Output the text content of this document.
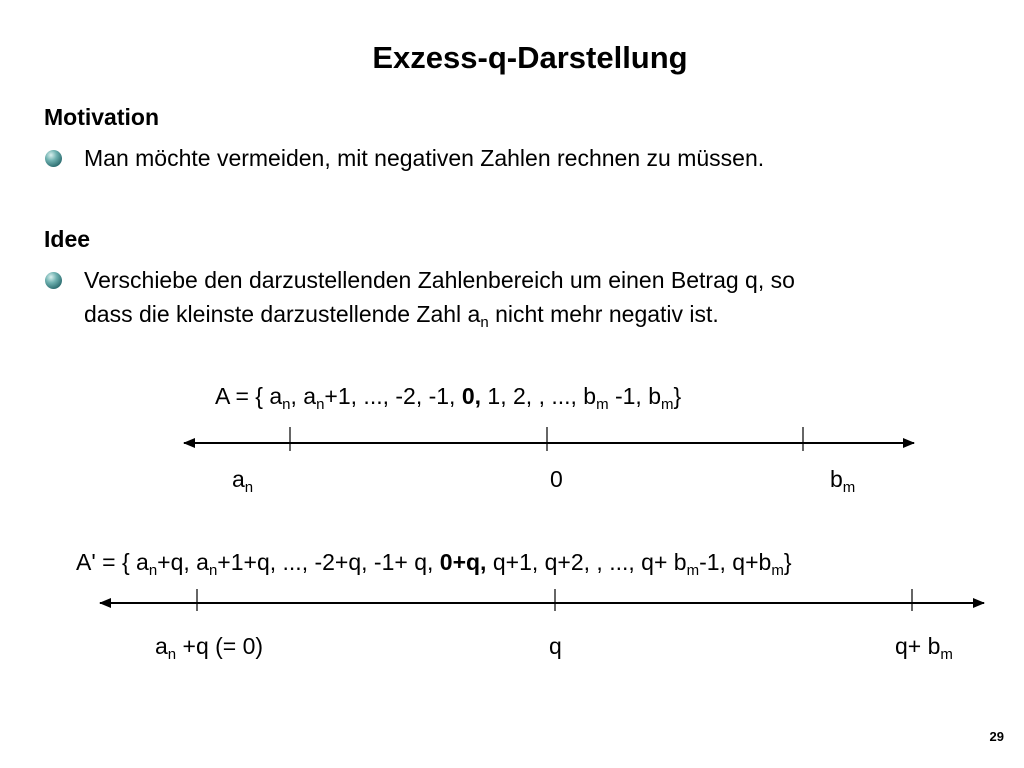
Exzess-q-Darstellung
Motivation
Man möchte vermeiden, mit negativen Zahlen rechnen zu müssen.
Idee
Verschiebe den darzustellenden Zahlenbereich um einen Betrag q, so
dass die kleinste darzustellende Zahl $a_n$ nicht mehr negativ ist.
A = { $a_n$, $a_n+1$, ..., -2, -1, 0, 1, 2, , ..., $b_m$ -1, $b_m$}
$a_n$	0	$b_m$
A' = { $a_n+q$, $a_n+1+q$, ..., -2+q, -1+ q, 0+q, q+1, q+2, , ..., $q+ b_m-1$, $q+b_m$}
$a_n +q$ (= 0)	q	$q+ b_m$
29
